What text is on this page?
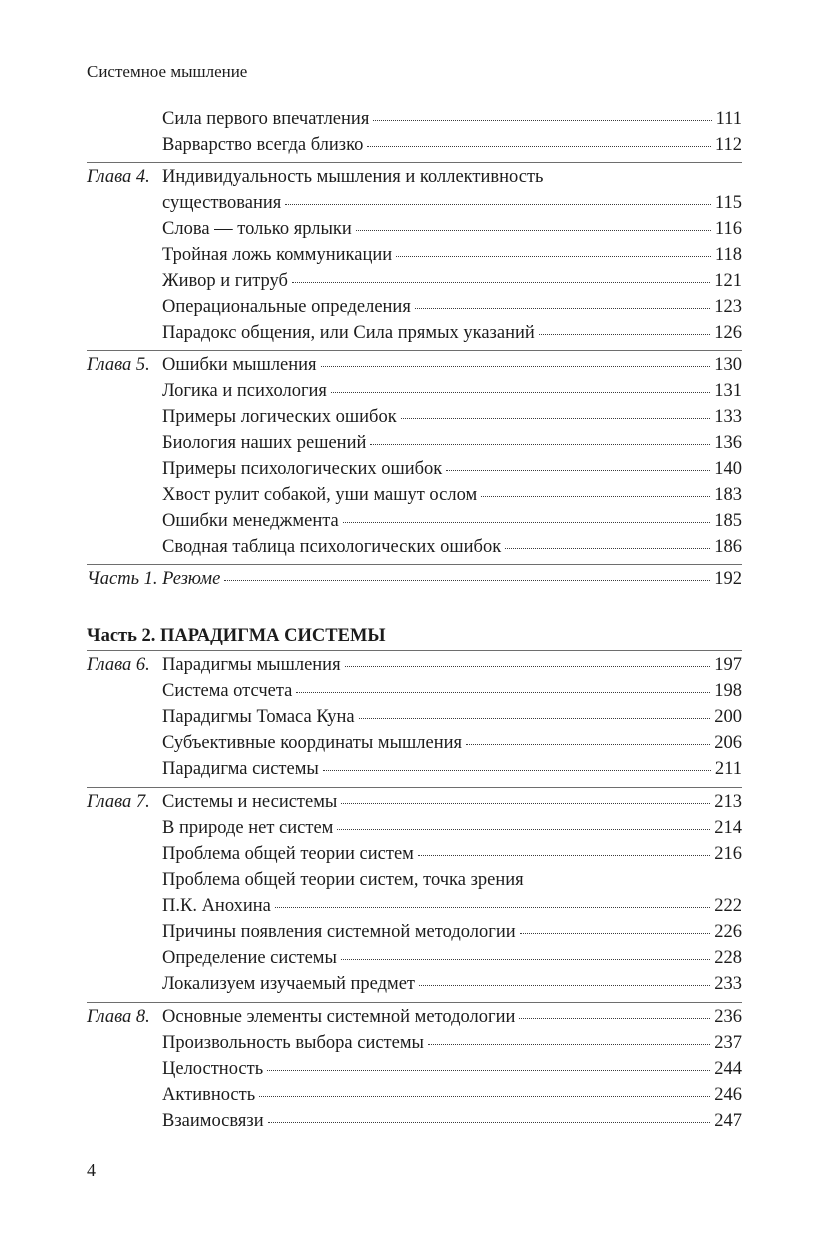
Системное мышление
Сила первого впечатления	111
Варварство всегда близко	112
Глава 4. Индивидуальность мышления и коллективность
существования	115
Слова — только ярлыки	116
Тройная ложь коммуникации	118
Живор и гитруб	121
Операциональные определения	123
Парадокс общения, или Сила прямых указаний	126
Глава 5. Ошибки мышления	130
Логика и психология	131
Примеры логических ошибок	133
Биология наших решений	136
Примеры психологических ошибок	140
Хвост рулит собакой, уши машут ослом	183
Ошибки менеджмента	185
Сводная таблица психологических ошибок	186
Часть 1. Резюме	192
Часть 2. ПАРАДИГМА СИСТЕМЫ
Глава 6. Парадигмы мышления	197
Система отсчета	198
Парадигмы Томаса Куна	200
Субъективные координаты мышления	206
Парадигма системы	211
Глава 7. Системы и несистемы	213
В природе нет систем	214
Проблема общей теории систем	216
Проблема общей теории систем, точка зрения
П.К. Анохина	222
Причины появления системной методологии	226
Определение системы	228
Локализуем изучаемый предмет	233
Глава 8. Основные элементы системной методологии	236
Произвольность выбора системы	237
Целостность	244
Активность	246
Взаимосвязи	247
4
